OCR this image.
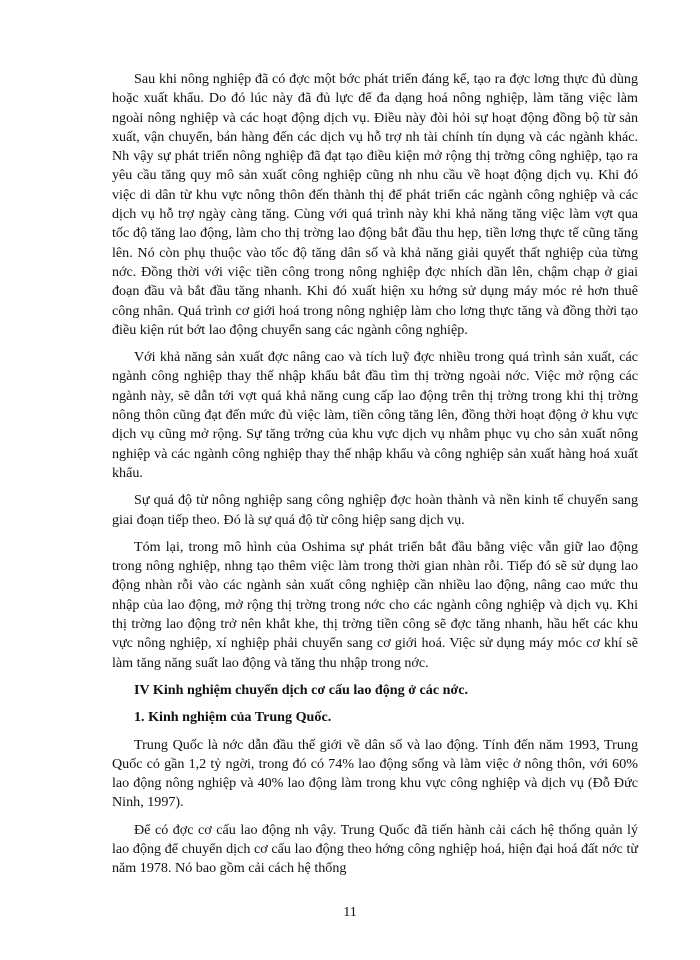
Sau khi nông nghiệp đã có đợc một bớc phát triển đáng kể, tạo ra đợc lơng thực đủ dùng hoặc xuất khẩu. Do đó lúc này đã đủ lực để đa dạng hoá nông nghiệp, làm tăng việc làm ngoài nông nghiệp và các hoạt động dịch vụ. Điều này đòi hỏi sự hoạt động đồng bộ từ sản xuất, vận chuyển, bán hàng đến các dịch vụ hỗ trợ nh tài chính tín dụng và các ngành khác. Nh vậy sự phát triển nông nghiệp đã đạt tạo điều kiện mở rộng thị trờng công nghiệp, tạo ra yêu cầu tăng quy mô sản xuất công nghiệp cũng nh nhu cầu về hoạt động dịch vụ. Khi đó việc di dân từ khu vực nông thôn đến thành thị để phát triển các ngành công nghiệp và các dịch vụ hỗ trợ ngày càng tăng. Cùng với quá trình này khi khả năng tăng việc làm vợt qua tốc độ tăng lao động, làm cho thị trờng lao động bắt đầu thu hẹp, tiền lơng thực tế cũng tăng lên. Nó còn phụ thuộc vào tốc độ tăng dân số và khả năng giải quyết thất nghiệp của từng nớc. Đồng thời với việc tiền công trong nông nghiệp đợc nhích dần lên, chậm chạp ở giai đoạn đầu và bắt đầu tăng nhanh. Khi đó xuất hiện xu hớng sử dụng máy móc rẻ hơn thuê công nhân. Quá trình cơ giới hoá trong nông nghiệp làm cho lơng thực tăng và đồng thời tạo điều kiện rút bớt lao động chuyển sang các ngành công nghiệp.

Với khả năng sản xuất đợc nâng cao và tích luỹ đợc nhiều trong quá trình sản xuất, các ngành công nghiệp thay thế nhập khẩu bắt đầu tìm thị trờng ngoài nớc. Việc mở rộng các ngành này, sẽ dẫn tới vợt quá khả năng cung cấp lao động trên thị trờng trong khi thị trờng nông thôn cũng đạt đến mức đủ việc làm, tiền công tăng lên, đồng thời hoạt động ở khu vực dịch vụ cũng mở rộng. Sự tăng trởng của khu vực dịch vụ nhằm phục vụ cho sản xuất nông nghiệp và các ngành công nghiệp thay thế nhập khẩu và công nghiệp sản xuất hàng hoá xuất khẩu.

Sự quá độ từ nông nghiệp sang công nghiệp đợc hoàn thành và nền kinh tế chuyển sang giai đoạn tiếp theo. Đó là sự quá độ từ công hiệp sang dịch vụ.

Tóm lại, trong mô hình của Oshima sự phát triển bắt đầu bằng việc vẫn giữ lao động trong nông nghiệp, nhng tạo thêm việc làm trong thời gian nhàn rỗi. Tiếp đó sẽ sử dụng lao động nhàn rỗi vào các ngành sản xuất công nghiệp cần nhiều lao động, nâng cao mức thu nhập của lao động, mở rộng thị trờng trong nớc cho các ngành công nghiệp và dịch vụ. Khi thị trờng lao động trở nên khắt khe, thị trờng tiền công sẽ đợc tăng nhanh, hầu hết các khu vực nông nghiệp, xí nghiệp phải chuyển sang cơ giới hoá. Việc sử dụng máy móc cơ khí sẽ làm tăng năng suất lao động và tăng thu nhập trong nớc.

IV Kinh nghiệm chuyển dịch cơ cấu lao động ở các nớc.

1. Kinh nghiệm của Trung Quốc.

Trung Quốc là nớc dẫn đầu thế giới về dân số và lao động. Tính đến năm 1993, Trung Quốc có gần 1,2 tỷ ngời, trong đó có 74% lao động sống và làm việc ở nông thôn, với 60% lao động nông nghiệp và 40% lao động làm trong khu vực công nghiệp và dịch vụ (Đỗ Đức Ninh, 1997).

Để có đợc cơ cấu lao động nh vậy. Trung Quốc đã tiến hành cải cách hệ thống quản lý lao động để chuyển dịch cơ cấu lao động theo hớng công nghiệp hoá, hiện đại hoá đất nớc từ năm 1978. Nó bao gồm cải cách hệ thống

11
